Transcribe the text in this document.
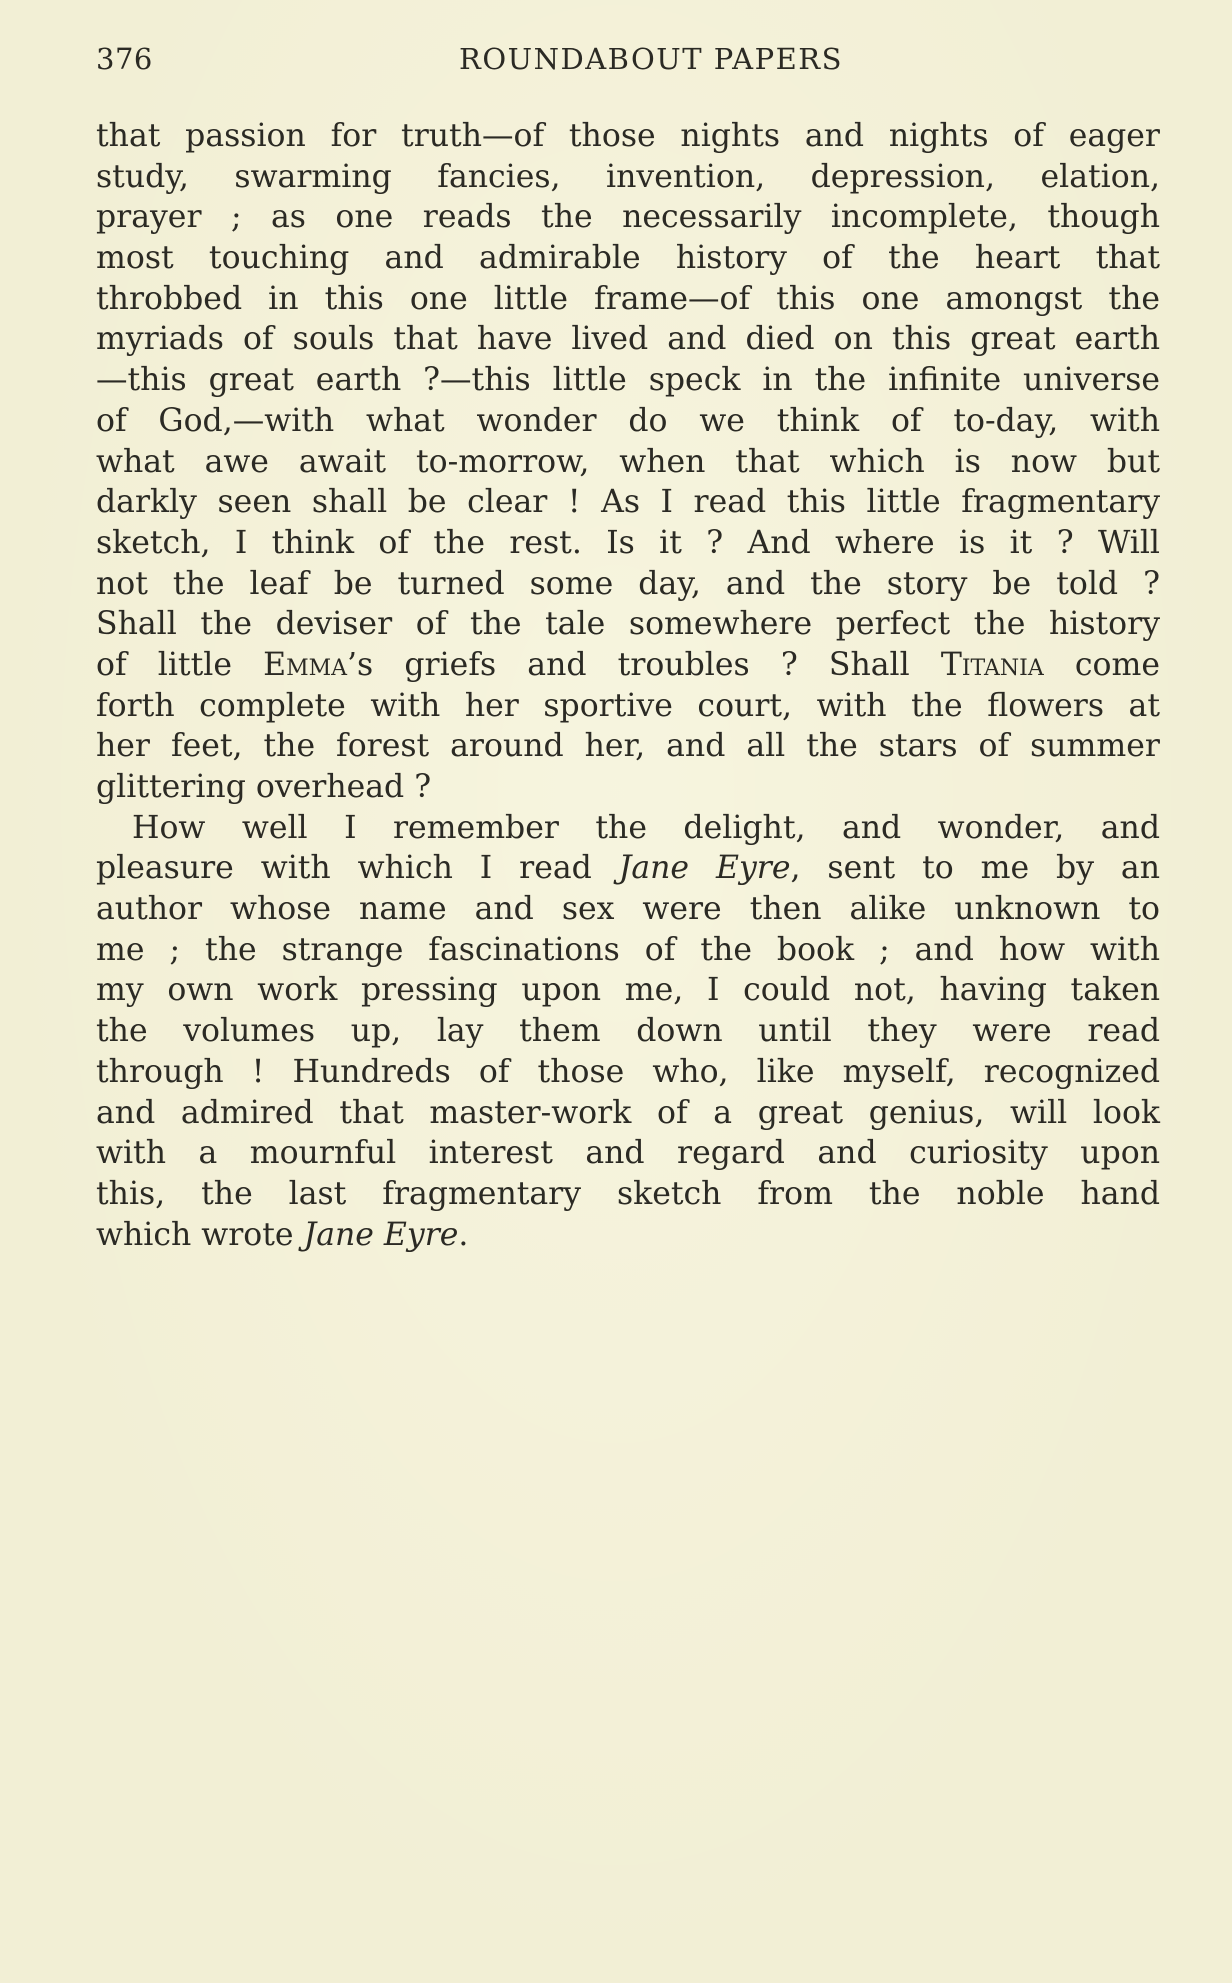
376	ROUNDABOUT PAPERS
that passion for truth—of those nights and nights of eager
study, swarming fancies, invention, depression, elation,
prayer ; as one reads the necessarily incomplete, though
most touching and admirable history of the heart that
throbbed in this one little frame—of this one amongst the
myriads of souls that have lived and died on this great earth
—this great earth ?—this little speck in the infinite universe
of God,—with what wonder do we think of to-day, with
what awe await to-morrow, when that which is now but
darkly seen shall be clear ! As I read this little fragmentary
sketch, I think of the rest. Is it ? And where is it ? Will
not the leaf be turned some day, and the story be told ?
Shall the deviser of the tale somewhere perfect the history
of little Emma’s griefs and troubles ? Shall Titania come
forth complete with her sportive court, with the flowers at
her feet, the forest around her, and all the stars of summer
glittering overhead ?
How well I remember the delight, and wonder, and
pleasure with which I read Jane Eyre, sent to me by an
author whose name and sex were then alike unknown to
me ; the strange fascinations of the book ; and how with
my own work pressing upon me, I could not, having taken
the volumes up, lay them down until they were read
through ! Hundreds of those who, like myself, recognized
and admired that master-work of a great genius, will look
with a mournful interest and regard and curiosity upon
this, the last fragmentary sketch from the noble hand
which wrote Jane Eyre.
